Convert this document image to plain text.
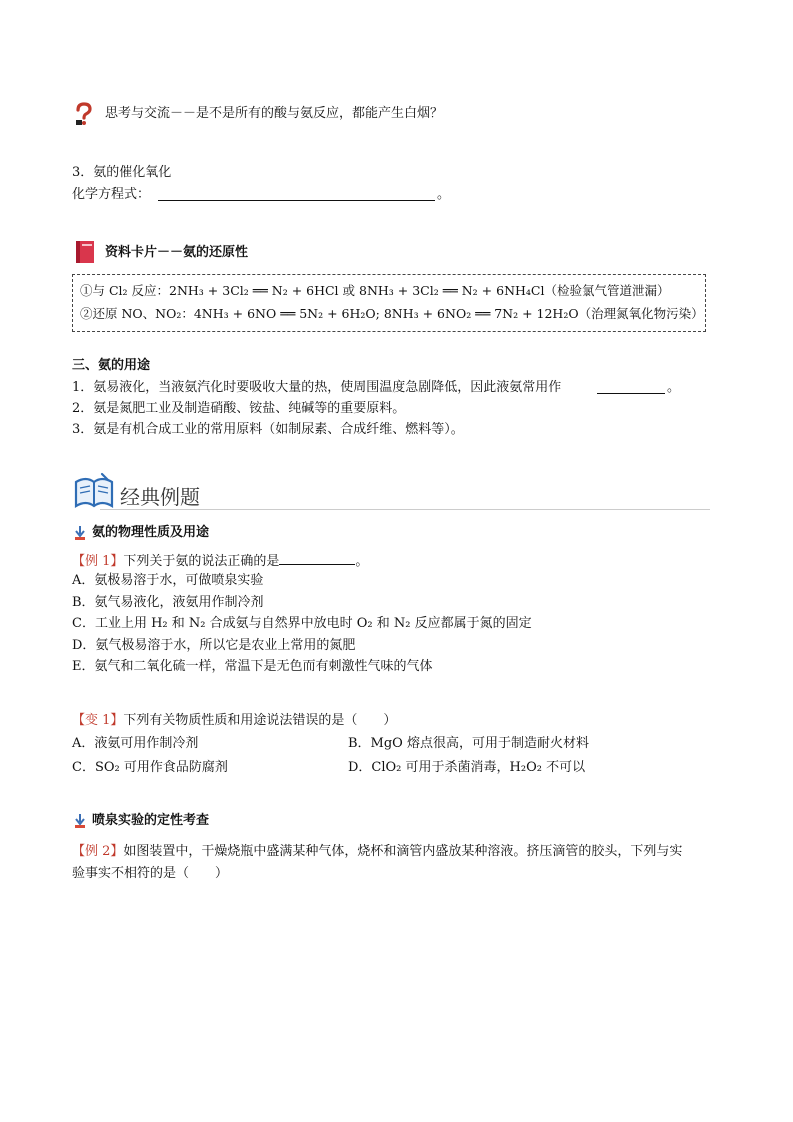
思考与交流－－是不是所有的酸与氨反应，都能产生白烟？
3．氨的催化氧化
化学方程式：	。
资料卡片－－氨的还原性
①与 Cl₂ 反应：2NH₃ + 3Cl₂ ══ N₂ + 6HCl 或 8NH₃ + 3Cl₂ ══ N₂ + 6NH₄Cl（检验氯气管道泄漏）
②还原 NO、NO₂：4NH₃ + 6NO ══ 5N₂ + 6H₂O; 8NH₃ + 6NO₂ ══ 7N₂ + 12H₂O（治理氮氧化物污染）
三、氨的用途
1．氨易液化，当液氨汽化时要吸收大量的热，使周围温度急剧降低，因此液氨常用作	。
2．氨是氮肥工业及制造硝酸、铵盐、纯碱等的重要原料。
3．氨是有机合成工业的常用原料（如制尿素、合成纤维、燃料等）。
经典例题
氨的物理性质及用途
【例 1】下列关于氨的说法正确的是	。
A．氨极易溶于水，可做喷泉实验
B．氨气易液化，液氨用作制冷剂
C．工业上用 H₂ 和 N₂ 合成氨与自然界中放电时 O₂ 和 N₂ 反应都属于氮的固定
D．氨气极易溶于水，所以它是农业上常用的氮肥
E．氨气和二氧化硫一样，常温下是无色而有刺激性气味的气体
【变 1】下列有关物质性质和用途说法错误的是（　　）
A．液氨可用作制冷剂	B．MgO 熔点很高，可用于制造耐火材料
C．SO₂ 可用作食品防腐剂	D．ClO₂ 可用于杀菌消毒，H₂O₂ 不可以
喷泉实验的定性考查
【例 2】如图装置中，干燥烧瓶中盛满某种气体，烧杯和滴管内盛放某种溶液。挤压滴管的胶头，下列与实
验事实不相符的是（　　）
